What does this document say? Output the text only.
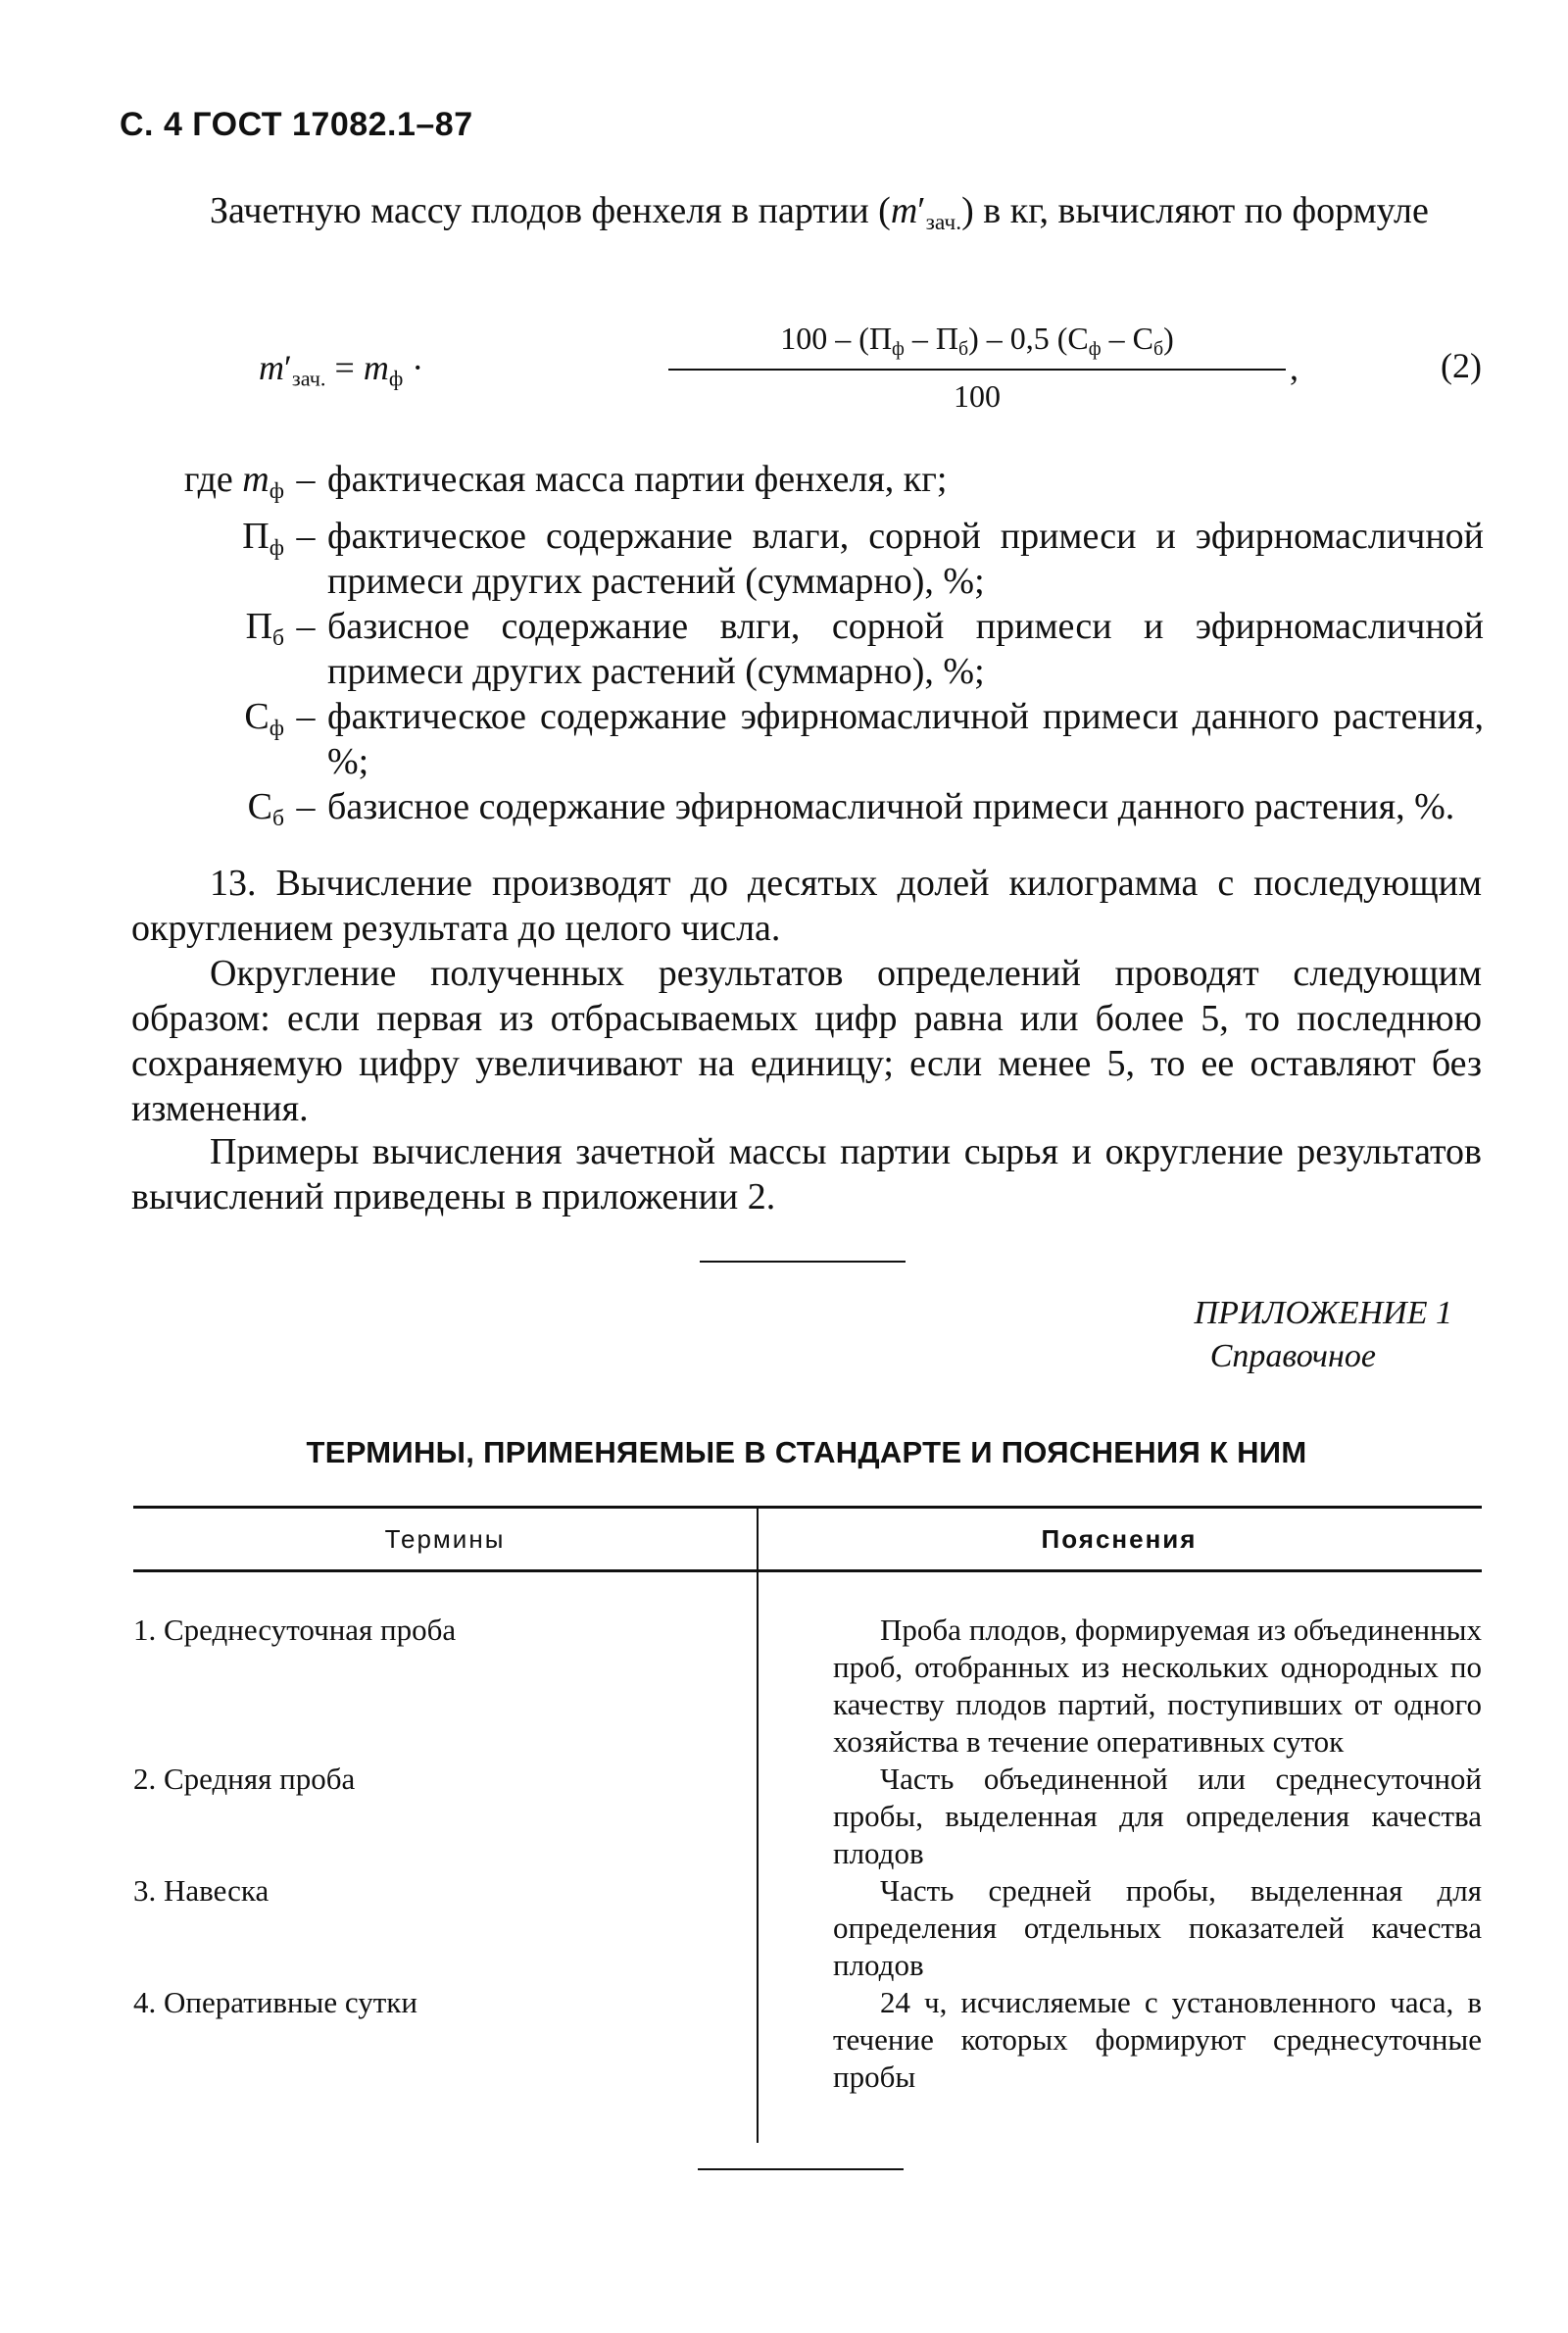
С. 4 ГОСТ 17082.1–87
Зачетную массу плодов фенхеля в партии $(m'_{зач.})$ в кг, вычисляют по формуле
$m'_{зач.} = m_ф$ ·
$100 - (П_ф - П_б) - 0,5$ $(С_ф - С_б)$
100
,	(2)
где $m_ф$ – фактическая масса партии фенхеля, кг;
$П_ф$ – фактическое содержание влаги, сорной примеси и эфирномасличной примеси других растений (суммарно), %;
$П_б$ – базисное содержание влги, сорной примеси и эфирномасличной примеси других растений (суммарно), %;
$С_ф$ – фактическое содержание эфирномасличной примеси данного растения, %;
$С_б$ – базисное содержание эфирномасличной примеси данного растения, %.
13. Вычисление производят до десятых долей килограмма с последующим округлением результата до целого числа.
Округление полученных результатов определений проводят следующим образом: если первая из отбрасываемых цифр равна или более 5, то последнюю сохраняемую цифру увеличивают на единицу; если менее 5, то ее оставляют без изменения.
Примеры вычисления зачетной массы партии сырья и округление результатов вычислений приведены в приложении 2.
ПРИЛОЖЕНИЕ 1
Справочное
ТЕРМИНЫ, ПРИМЕНЯЕМЫЕ В СТАНДАРТЕ И ПОЯСНЕНИЯ К НИМ
Термины	Пояснения
1. Среднесуточная проба	Проба плодов, формируемая из объединенных проб, отобранных из нескольких однородных по качеству плодов партий, поступивших от одного хозяйства в течение оперативных суток
2. Средняя проба	Часть объединенной или среднесуточной пробы, выделенная для определения качества плодов
3. Навеска	Часть средней пробы, выделенная для определения отдельных показателей качества плодов
4. Оперативные сутки	24 ч, исчисляемые с установленного часа, в течение которых формируют среднесуточные пробы
